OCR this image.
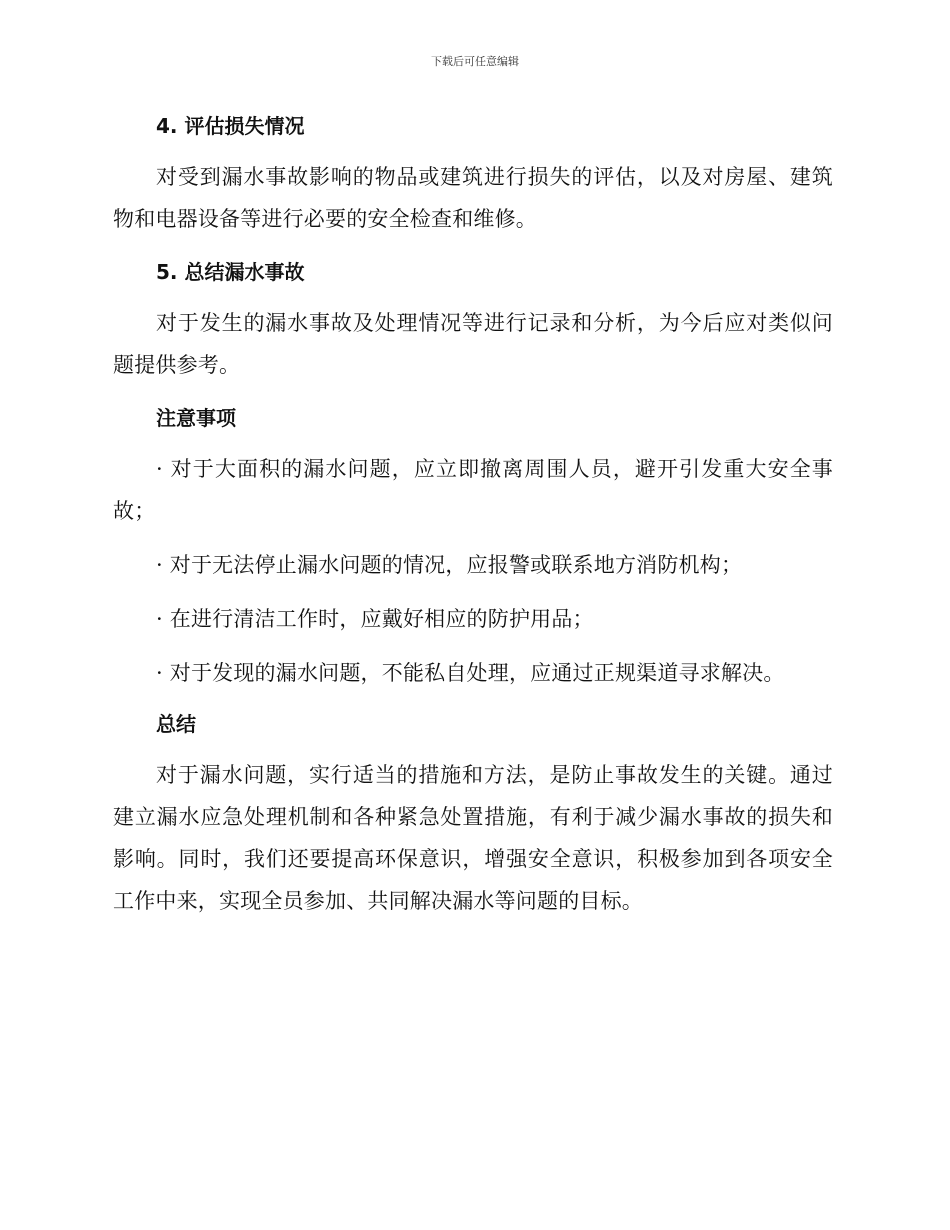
下载后可任意编辑
4. 评估损失情况

对受到漏水事故影响的物品或建筑进行损失的评估，以及对房屋、建筑物和电器设备等进行必要的安全检查和维修。

5. 总结漏水事故

对于发生的漏水事故及处理情况等进行记录和分析，为今后应对类似问题提供参考。

注意事项

· 对于大面积的漏水问题，应立即撤离周围人员，避开引发重大安全事故；

· 对于无法停止漏水问题的情况，应报警或联系地方消防机构；

· 在进行清洁工作时，应戴好相应的防护用品；

· 对于发现的漏水问题，不能私自处理，应通过正规渠道寻求解决。

总结

对于漏水问题，实行适当的措施和方法，是防止事故发生的关键。通过建立漏水应急处理机制和各种紧急处置措施，有利于减少漏水事故的损失和影响。同时，我们还要提高环保意识，增强安全意识，积极参加到各项安全工作中来，实现全员参加、共同解决漏水等问题的目标。
